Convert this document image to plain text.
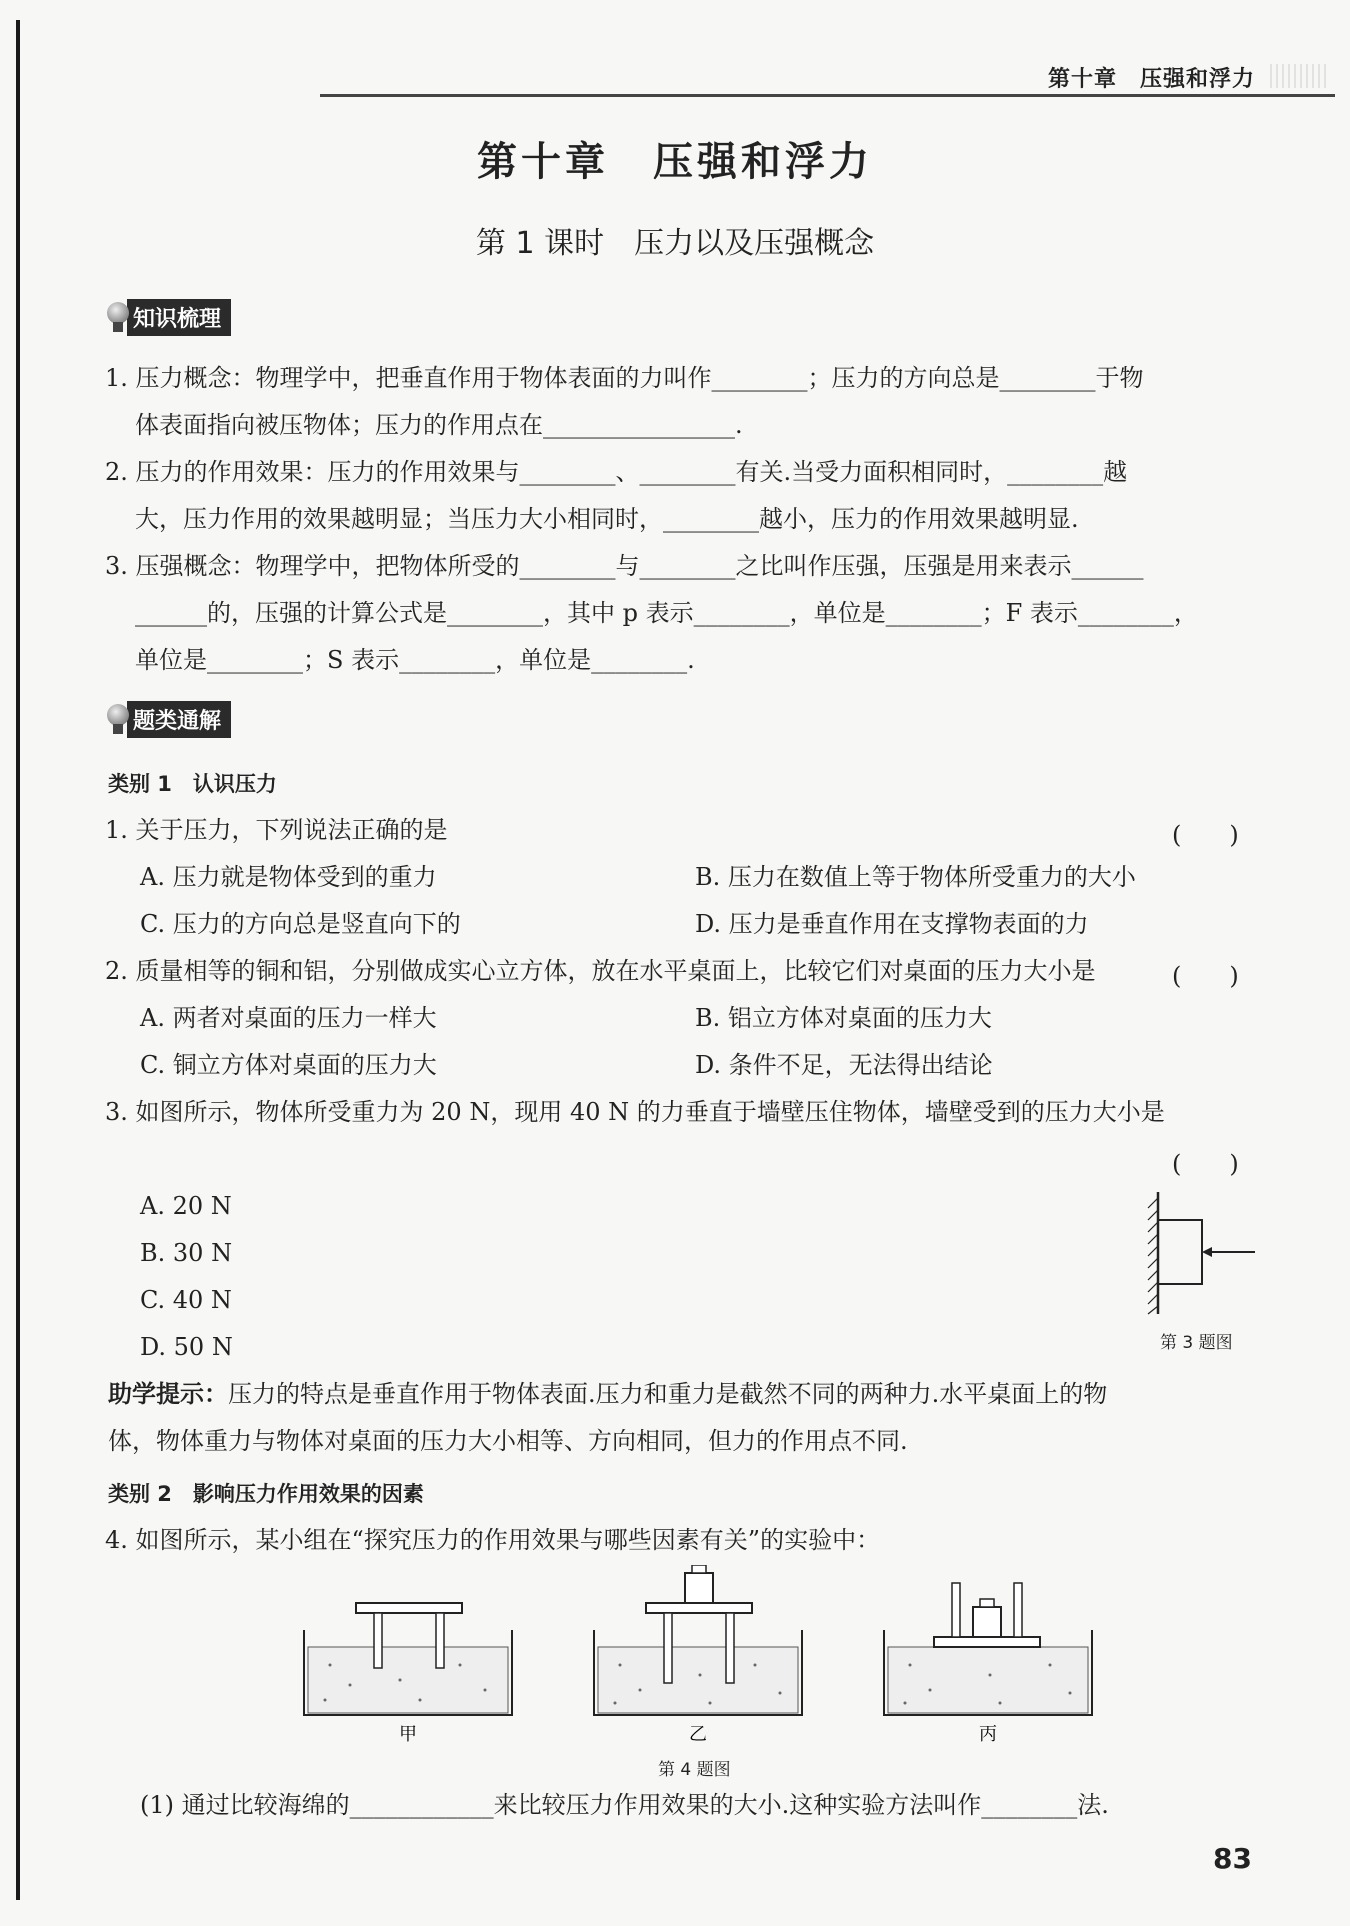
第十章　压强和浮力
第十章　压强和浮力
第 1 课时　压力以及压强概念
知识梳理
1. 压力概念：物理学中，把垂直作用于物体表面的力叫作________；压力的方向总是________于物
体表面指向被压物体；压力的作用点在________________.
2. 压力的作用效果：压力的作用效果与________、________有关.当受力面积相同时，________越
大，压力作用的效果越明显；当压力大小相同时，________越小，压力的作用效果越明显.
3. 压强概念：物理学中，把物体所受的________与________之比叫作压强，压强是用来表示______
______的，压强的计算公式是________，其中 p 表示________，单位是________；F 表示________，
单位是________；S 表示________，单位是________.
题类通解
类别 1　认识压力
1. 关于压力，下列说法正确的是	(　　)
A. 压力就是物体受到的重力	B. 压力在数值上等于物体所受重力的大小
C. 压力的方向总是竖直向下的	D. 压力是垂直作用在支撑物表面的力
2. 质量相等的铜和铝，分别做成实心立方体，放在水平桌面上，比较它们对桌面的压力大小是	(　　)
A. 两者对桌面的压力一样大	B. 铝立方体对桌面的压力大
C. 铜立方体对桌面的压力大	D. 条件不足，无法得出结论
3. 如图所示，物体所受重力为 20 N，现用 40 N 的力垂直于墙壁压住物体，墙壁受到的压力大小是
(　　)
A. 20 N
B. 30 N
C. 40 N
D. 50 N	第 3 题图
助学提示：压力的特点是垂直作用于物体表面.压力和重力是截然不同的两种力.水平桌面上的物
体，物体重力与物体对桌面的压力大小相等、方向相同，但力的作用点不同.
类别 2　影响压力作用效果的因素
4. 如图所示，某小组在“探究压力的作用效果与哪些因素有关”的实验中：
甲	乙	丙
第 4 题图
(1) 通过比较海绵的____________来比较压力作用效果的大小.这种实验方法叫作________法.
83
